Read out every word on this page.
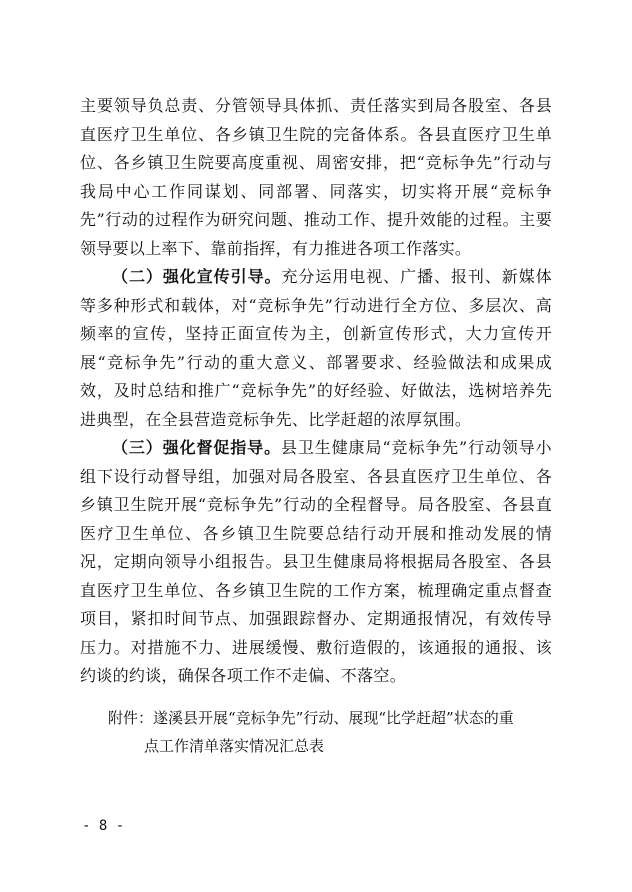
主要领导负总责、分管领导具体抓、责任落实到局各股室、各县直医疗卫生单位、各乡镇卫生院的完备体系。各县直医疗卫生单位、各乡镇卫生院要高度重视、周密安排，把“竞标争先”行动与我局中心工作同谋划、同部署、同落实，切实将开展“竞标争先”行动的过程作为研究问题、推动工作、提升效能的过程。主要领导要以上率下、靠前指挥，有力推进各项工作落实。

（二）强化宣传引导。充分运用电视、广播、报刊、新媒体等多种形式和载体，对“竞标争先”行动进行全方位、多层次、高频率的宣传，坚持正面宣传为主，创新宣传形式，大力宣传开展“竞标争先”行动的重大意义、部署要求、经验做法和成果成效，及时总结和推广“竞标争先”的好经验、好做法，选树培养先进典型，在全县营造竞标争先、比学赶超的浓厚氛围。

（三）强化督促指导。县卫生健康局“竞标争先”行动领导小组下设行动督导组，加强对局各股室、各县直医疗卫生单位、各乡镇卫生院开展“竞标争先”行动的全程督导。局各股室、各县直医疗卫生单位、各乡镇卫生院要总结行动开展和推动发展的情况，定期向领导小组报告。县卫生健康局将根据局各股室、各县直医疗卫生单位、各乡镇卫生院的工作方案，梳理确定重点督查项目，紧扣时间节点、加强跟踪督办、定期通报情况，有效传导压力。对措施不力、进展缓慢、敷衍造假的，该通报的通报、该约谈的约谈，确保各项工作不走偏、不落空。

附件：遂溪县开展“竞标争先”行动、展现“比学赶超”状态的重
点工作清单落实情况汇总表
- 8 -
